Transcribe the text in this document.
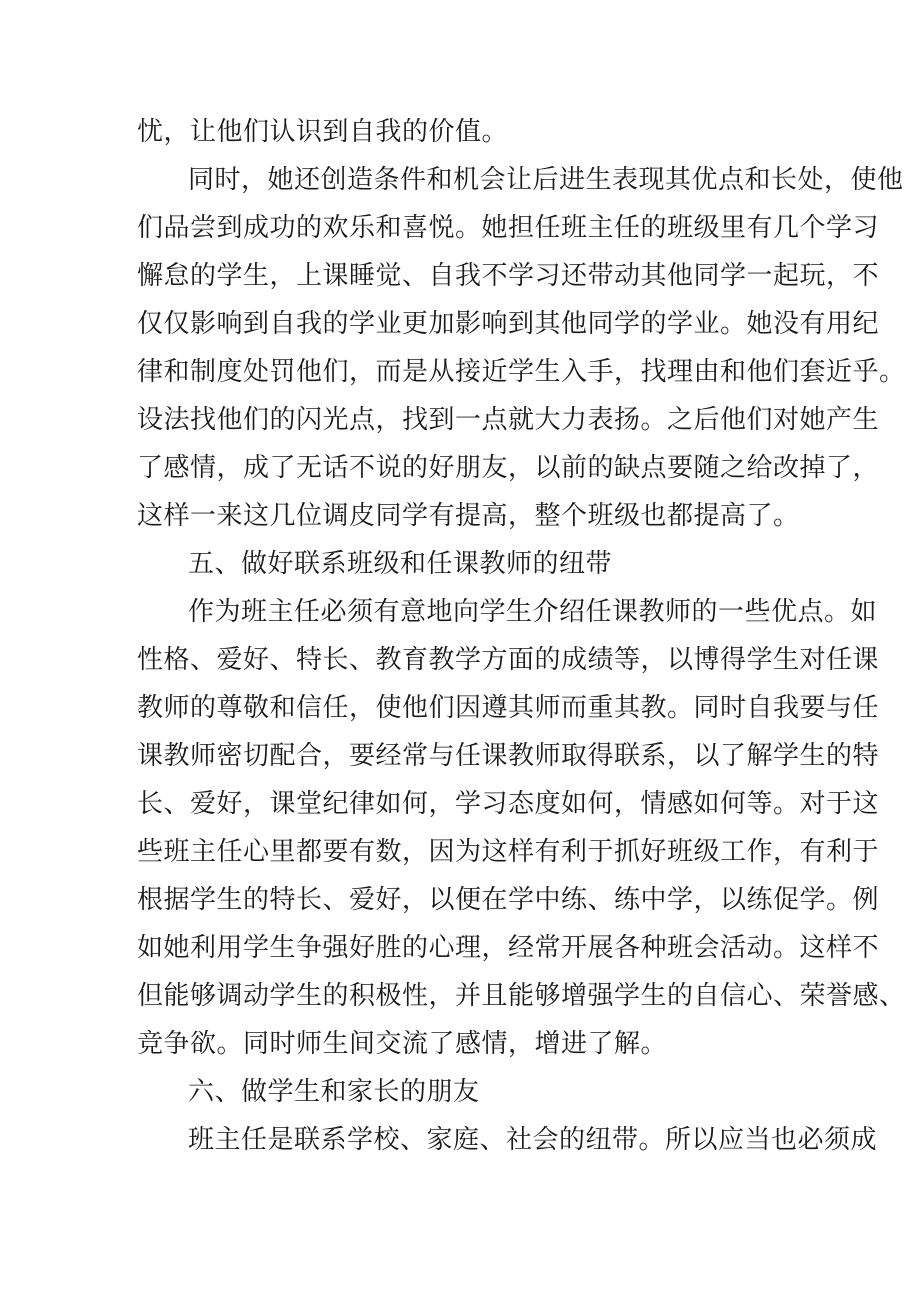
忧，让他们认识到自我的价值。
同时，她还创造条件和机会让后进生表现其优点和长处，使他
们品尝到成功的欢乐和喜悦。她担任班主任的班级里有几个学习
懈怠的学生，上课睡觉、自我不学习还带动其他同学一起玩，不
仅仅影响到自我的学业更加影响到其他同学的学业。她没有用纪
律和制度处罚他们，而是从接近学生入手，找理由和他们套近乎。
设法找他们的闪光点，找到一点就大力表扬。之后他们对她产生
了感情，成了无话不说的好朋友，以前的缺点要随之给改掉了，
这样一来这几位调皮同学有提高，整个班级也都提高了。
五、做好联系班级和任课教师的纽带
作为班主任必须有意地向学生介绍任课教师的一些优点。如
性格、爱好、特长、教育教学方面的成绩等，以博得学生对任课
教师的尊敬和信任，使他们因遵其师而重其教。同时自我要与任
课教师密切配合，要经常与任课教师取得联系，以了解学生的特
长、爱好，课堂纪律如何，学习态度如何，情感如何等。对于这
些班主任心里都要有数，因为这样有利于抓好班级工作，有利于
根据学生的特长、爱好，以便在学中练、练中学，以练促学。例
如她利用学生争强好胜的心理，经常开展各种班会活动。这样不
但能够调动学生的积极性，并且能够增强学生的自信心、荣誉感、
竞争欲。同时师生间交流了感情，增进了解。
六、做学生和家长的朋友
班主任是联系学校、家庭、社会的纽带。所以应当也必须成
